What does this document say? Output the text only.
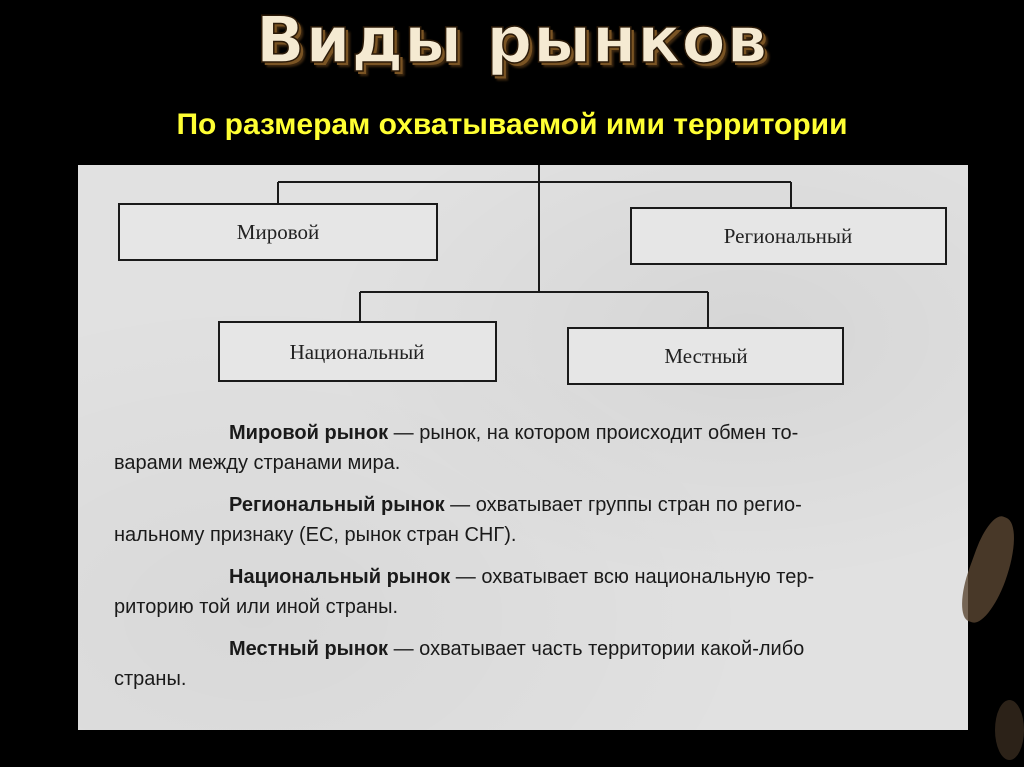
Виды рынков
По размерам охватываемой ими территории
Мировой	Региональный
Национальный	Местный
Мировой рынок — рынок, на котором происходит обмен то-
варами между странами мира.
Региональный рынок — охватывает группы стран по регио-
нальному признаку (ЕС, рынок стран СНГ).
Национальный рынок — охватывает всю национальную тер-
риторию той или иной страны.
Местный рынок — охватывает часть территории какой-либо
страны.
